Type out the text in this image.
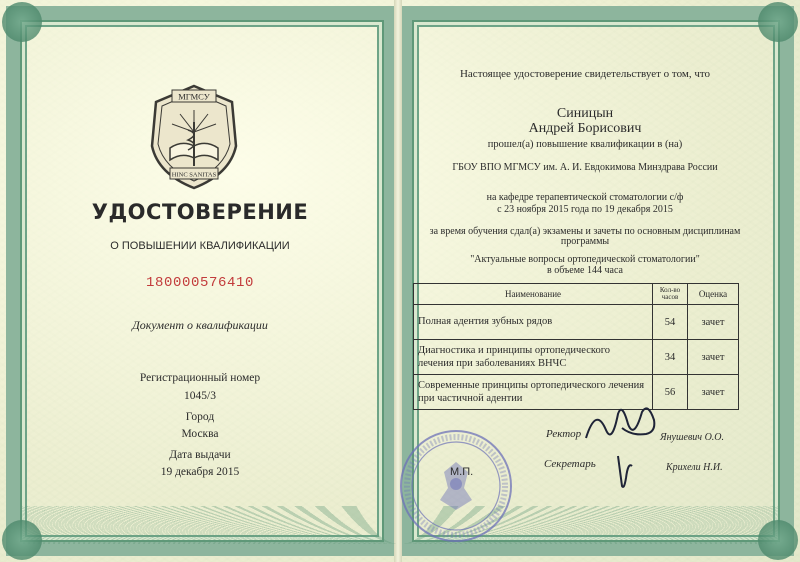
МГМСУ
HINC SANITAS
УДОСТОВЕРЕНИЕ
О ПОВЫШЕНИИ КВАЛИФИКАЦИИ
180000576410
Документ о квалификации
Регистрационный номер
1045/3
Город
Москва
Дата выдачи
19 декабря 2015
Настоящее удостоверение свидетельствует о том, что
Синицын
Андрей Борисович
прошел(а) повышение квалификации в (на)
ГБОУ ВПО МГМСУ им. А. И. Евдокимова Минздрава России
на кафедре терапевтической стоматологии с/ф
с 23 ноября 2015 года по 19 декабря 2015
за время обучения сдал(а) экзамены и зачеты по основным дисциплинам
программы
"Актуальные вопросы ортопедической стоматологии"
в объеме 144 часа
Наименование	Кол-во часов	Оценка
Полная адентия зубных рядов	54	зачет
Диагностика и принципы ортопедического лечения при заболеваниях ВНЧС	34	зачет
Современные принципы ортопедического лечения при частичной адентии	56	зачет
Ректор	Янушевич О.О.
Секретарь	Крихели Н.И.
М.П.
